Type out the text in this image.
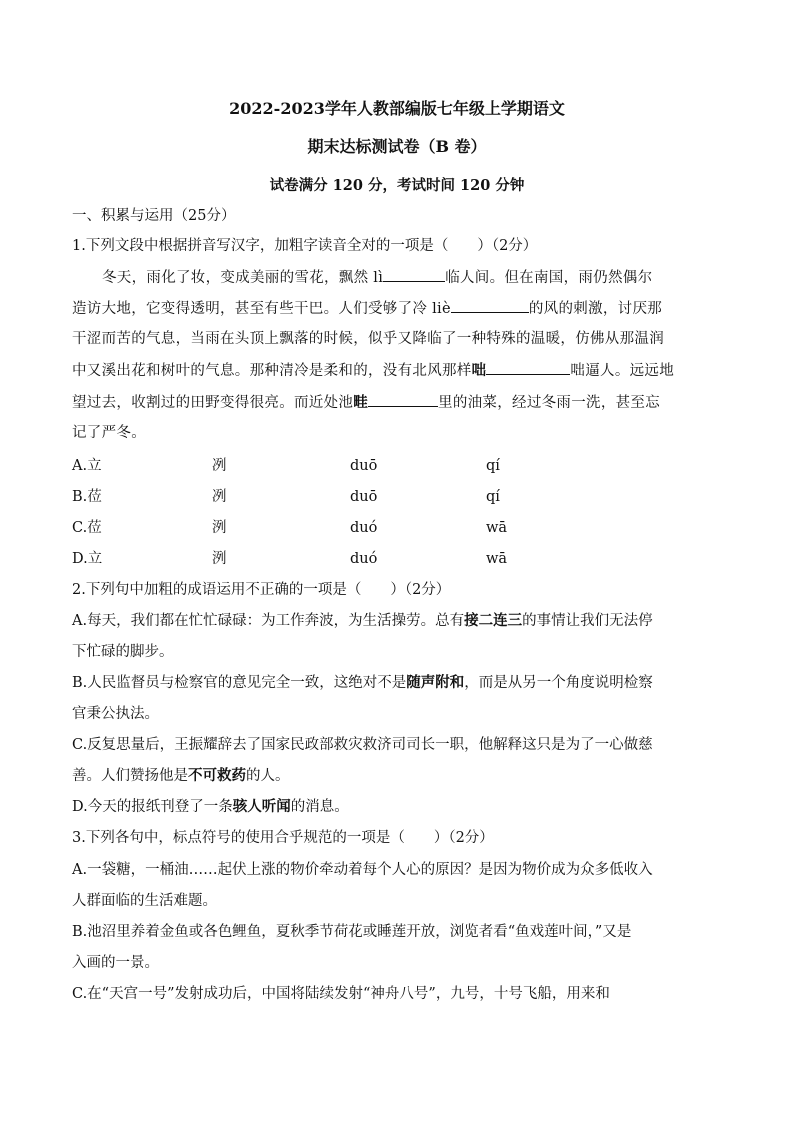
2022-2023学年人教部编版七年级上学期语文
期末达标测试卷（B 卷）
试卷满分 120 分，考试时间 120 分钟
一、积累与运用（25分）
1.下列文段中根据拼音写汉字，加粗字读音全对的一项是（　　）（2分）
冬天，雨化了妆，变成美丽的雪花，飘然 lì	临人间。但在南国，雨仍然偶尔
造访大地，它变得透明，甚至有些干巴。人们受够了冷 liè	的风的刺激，讨厌那
干涩而苦的气息，当雨在头顶上飘落的时候，似乎又降临了一种特殊的温暖，仿佛从那温润
中又溪出花和树叶的气息。那种清冷是柔和的，没有北风那样咄	咄逼人。远远地
望过去，收割过的田野变得很亮。而近处池畦	里的油菜，经过冬雨一洗，甚至忘
记了严冬。
A.立	冽	duō	qí
B.莅	冽	duō	qí
C.莅	洌	duó	wā
D.立	洌	duó	wā
2.下列句中加粗的成语运用不正确的一项是（　　）（2分）
A.每天，我们都在忙忙碌碌：为工作奔波，为生活操劳。总有接二连三的事情让我们无法停
下忙碌的脚步。
B.人民监督员与检察官的意见完全一致，这绝对不是随声附和，而是从另一个角度说明检察
官秉公执法。
C.反复思量后，王振耀辞去了国家民政部救灾救济司司长一职，他解释这只是为了一心做慈
善。人们赞扬他是不可救药的人。
D.今天的报纸刊登了一条骇人听闻的消息。
3.下列各句中，标点符号的使用合乎规范的一项是（　　）（2分）
A.一袋糖，一桶油……起伏上涨的物价牵动着每个人心的原因？是因为物价成为众多低收入
人群面临的生活难题。
B.池沼里养着金鱼或各色鲤鱼，夏秋季节荷花或睡莲开放，浏览者看“鱼戏莲叶间，”又是
入画的一景。
C.在“天宫一号”发射成功后，中国将陆续发射“神舟八号”，九号，十号飞船，用来和
